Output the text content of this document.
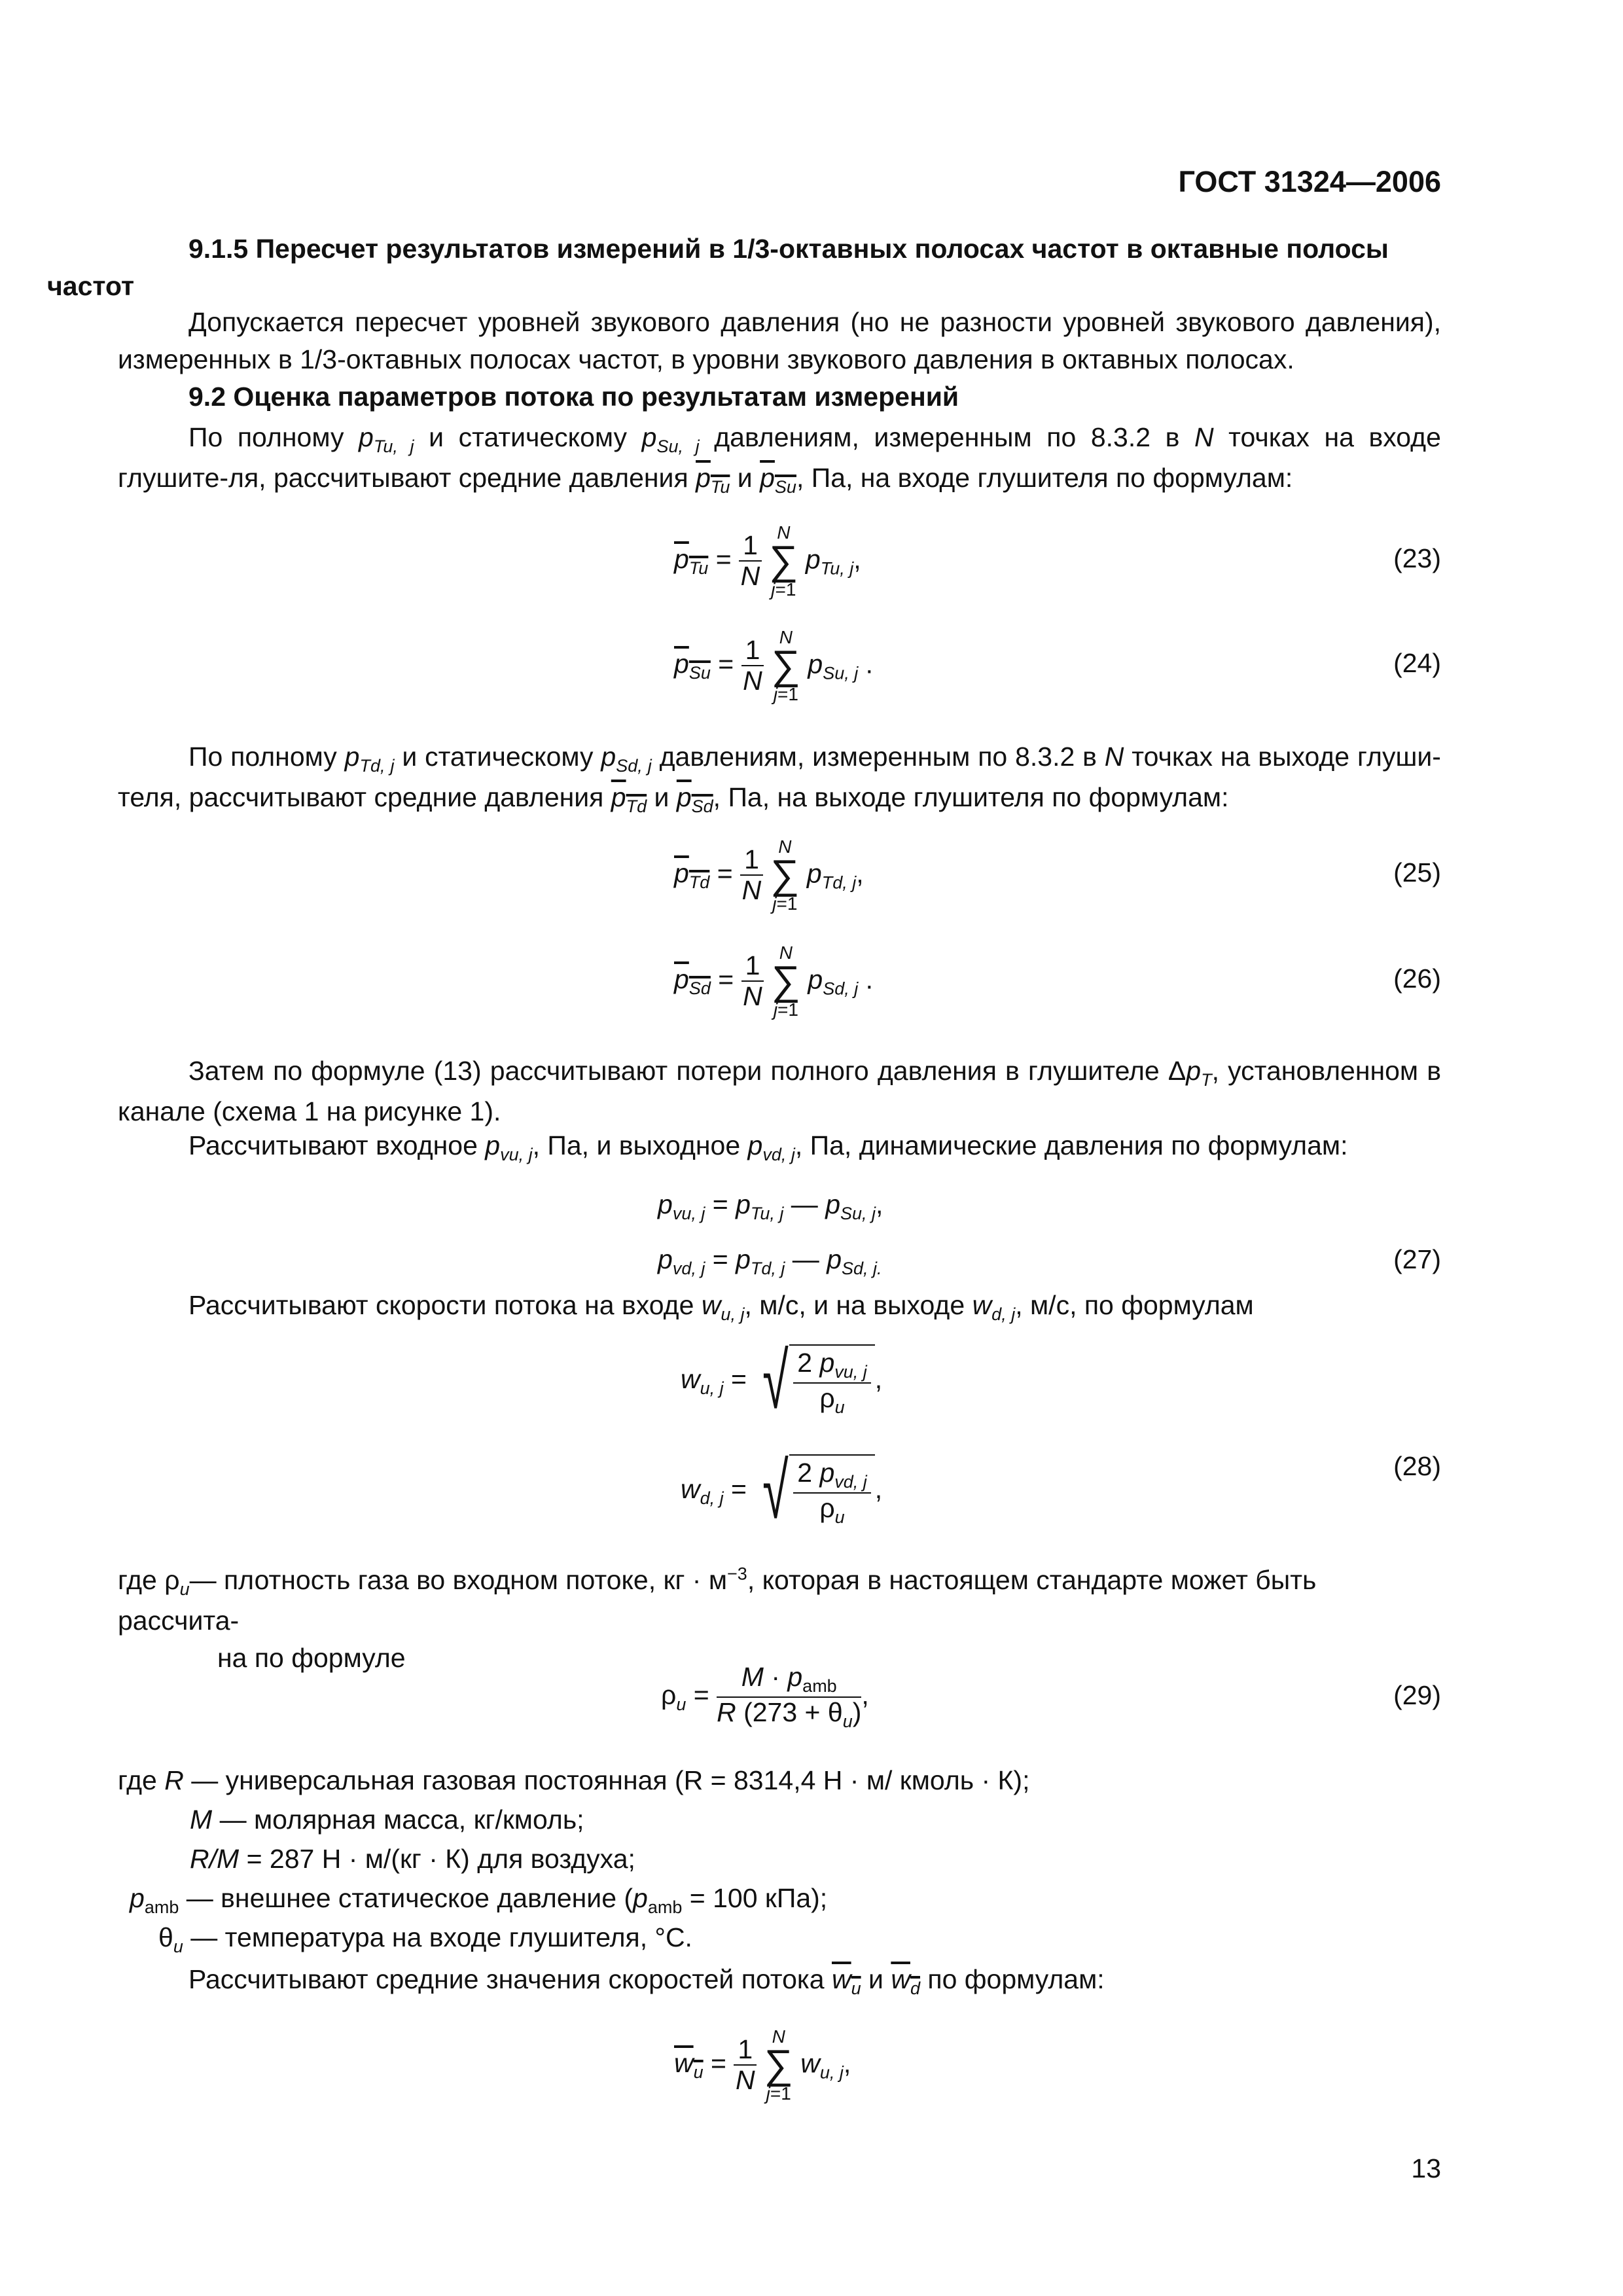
ГОСТ 31324—2006
9.1.5 Пересчет результатов измерений в 1/3-октавных полосах частот в октавные полосы
частот
Допускается пересчет уровней звукового давления (но не разности уровней звукового давления), измеренных в 1/3-октавных полосах частот, в уровни звукового давления в октавных полосах.
9.2 Оценка параметров потока по результатам измерений
По полному $p_{Tu, j}$ и статическому $p_{Su, j}$ давлениям, измеренным по 8.3.2 в N точках на входе глушите-ля, рассчитывают средние давления $p_{Tu}$ и $p_{Su}$, Па, на входе глушителя по формулам:
$p_{Tu} = \frac{1}{N}$ N
∑
j=1 $p_{Tu, j}$,	(23)
$p_{Su} = \frac{1}{N}$ N
∑
j=1 $p_{Su, j}$ .	(24)
По полному $p_{Td, j}$ и статическому $p_{Sd, j}$ давлениям, измеренным по 8.3.2 в N точках на выходе глуши-теля, рассчитывают средние давления $p_{Td}$ и $p_{Sd}$, Па, на выходе глушителя по формулам:
$p_{Td} = \frac{1}{N}$ N
∑
j=1 $p_{Td, j}$,	(25)
$p_{Sd} = \frac{1}{N}$ N
∑
j=1 $p_{Sd, j}$ .	(26)
Затем по формуле (13) рассчитывают потери полного давления в глушителе $\Delta p_T$, установленном в канале (схема 1 на рисунке 1).
Рассчитывают входное $p_{vu, j}$, Па, и выходное $p_{vd, j}$, Па, динамические давления по формулам:
$p_{vu, j} = p_{Tu, j}$ — $p_{Su, j}$,
$p_{vd, j} = p_{Td, j}$ — $p_{Sd, j.}$	(27)
Рассчитывают скорости потока на входе $w_{u, j}$, м/с, и на выходе $w_{d, j}$, м/с, по формулам
$w_{u, j}$ = √ $\frac{2 p_{vu, j}}{\rho_u}$ ,
$w_{d, j}$ = √ $\frac{2 p_{vd, j}}{\rho_u}$ ,
(28)
где $\rho_u—$ плотность газа во входном потоке, кг · $м^{-3}$, которая в настоящем стандарте может быть рассчита-
на по формуле
$\rho_u = \frac{M \cdot p_{amb}}{R (273 + \theta_u)}$ ,	(29)
где R — универсальная газовая постоянная (R = 8314,4 Н · м/ кмоль · К);
M — молярная масса, кг/кмоль;
R/M = 287 Н · м/(кг · К) для воздуха;
$p_{amb}$ — внешнее статическое давление ($p_{amb} = 100$ кПа);
$\theta_u$ — температура на входе глушителя, °С.
Рассчитывают средние значения скоростей потока $w_u$ и $w_d$ по формулам:
$w_u = \frac{1}{N}$ N
∑
j=1 $w_{u, j}$,
13
